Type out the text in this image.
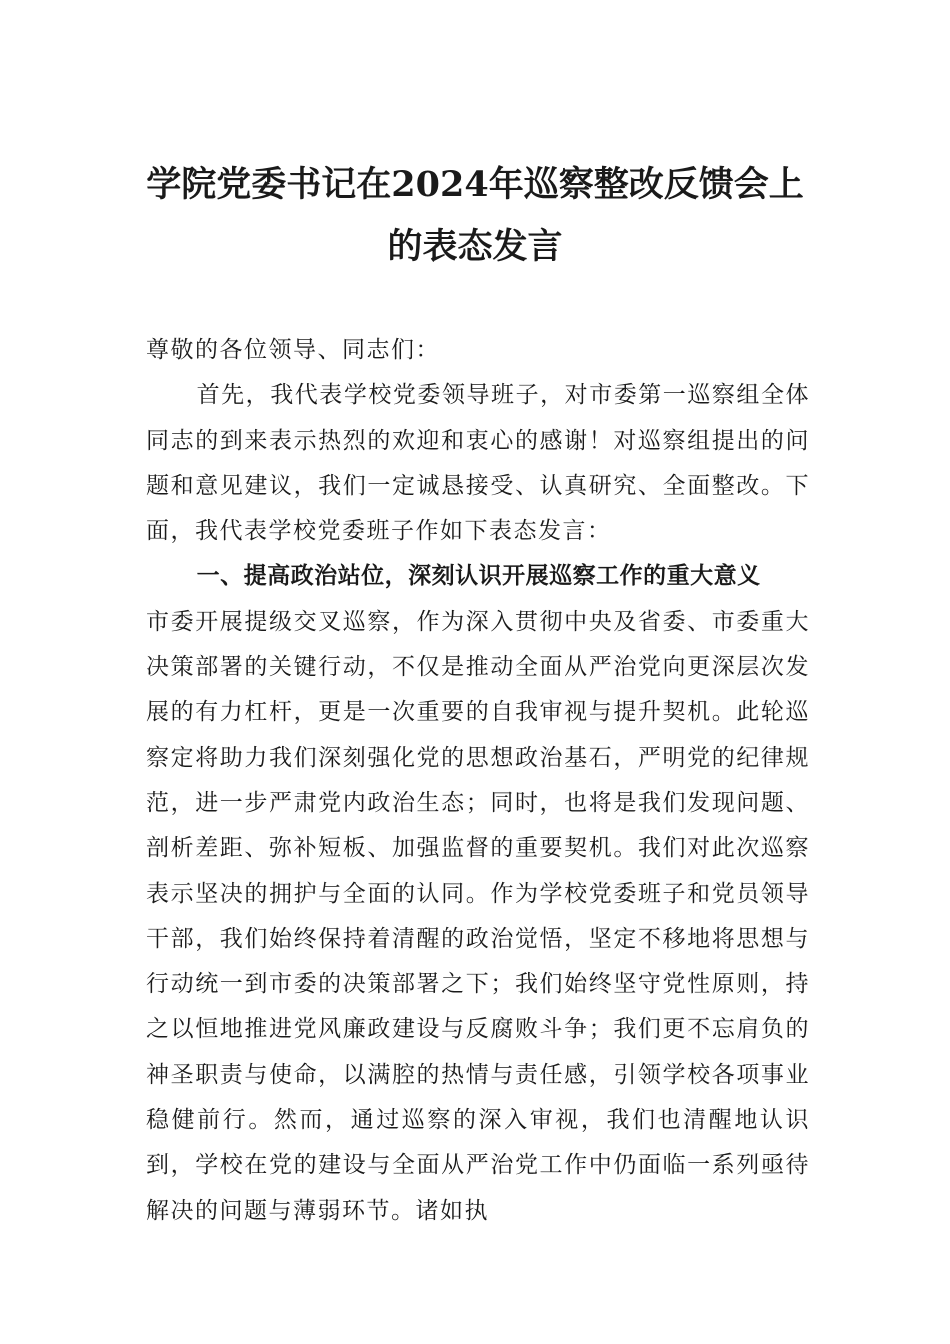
学院党委书记在2024年巡察整改反馈会上
的表态发言

尊敬的各位领导、同志们：

首先，我代表学校党委领导班子，对市委第一巡察组全体同志的到来表示热烈的欢迎和衷心的感谢！对巡察组提出的问题和意见建议，我们一定诚恳接受、认真研究、全面整改。下面，我代表学校党委班子作如下表态发言：

一、提高政治站位，深刻认识开展巡察工作的重大意义

市委开展提级交叉巡察，作为深入贯彻中央及省委、市委重大决策部署的关键行动，不仅是推动全面从严治党向更深层次发展的有力杠杆，更是一次重要的自我审视与提升契机。此轮巡察定将助力我们深刻强化党的思想政治基石，严明党的纪律规范，进一步严肃党内政治生态；同时，也将是我们发现问题、剖析差距、弥补短板、加强监督的重要契机。我们对此次巡察表示坚决的拥护与全面的认同。作为学校党委班子和党员领导干部，我们始终保持着清醒的政治觉悟，坚定不移地将思想与行动统一到市委的决策部署之下；我们始终坚守党性原则，持之以恒地推进党风廉政建设与反腐败斗争；我们更不忘肩负的神圣职责与使命，以满腔的热情与责任感，引领学校各项事业稳健前行。然而，通过巡察的深入审视，我们也清醒地认识到，学校在党的建设与全面从严治党工作中仍面临一系列亟待解决的问题与薄弱环节。诸如执
